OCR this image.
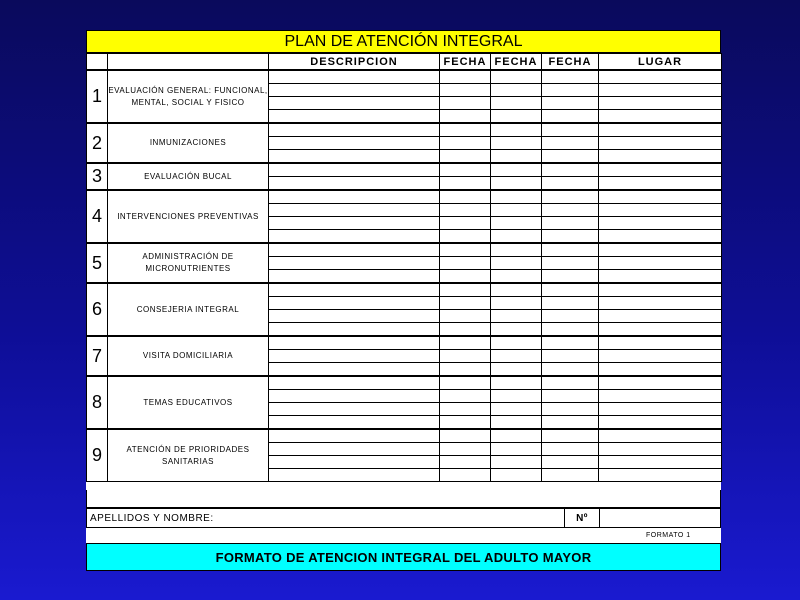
PLAN DE ATENCIÓN INTEGRAL
		DESCRIPCION	FECHA	FECHA	FECHA	LUGAR
1	EVALUACIÓN GENERAL: FUNCIONAL, MENTAL, SOCIAL Y FISICO					

2	INMUNIZACIONES					

3	EVALUACIÓN BUCAL					

4	INTERVENCIONES PREVENTIVAS					

5	ADMINISTRACIÓN DE MICRONUTRIENTES					

6	CONSEJERIA INTEGRAL					

7	VISITA DOMICILIARIA					

8	TEMAS EDUCATIVOS					

9	ATENCIÓN DE PRIORIDADES SANITARIAS					

APELLIDOS Y NOMBRE:	Nº
FORMATO 1
FORMATO DE ATENCION INTEGRAL DEL ADULTO MAYOR
